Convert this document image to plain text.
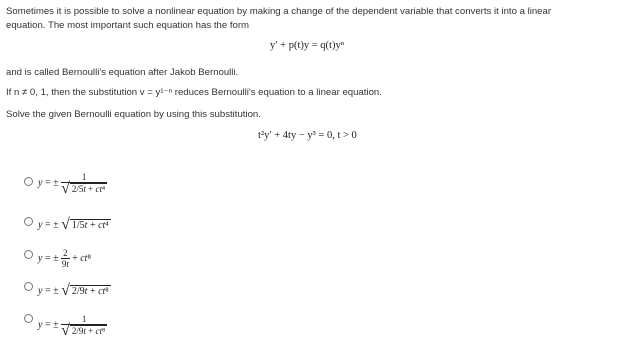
Sometimes it is possible to solve a nonlinear equation by making a change of the dependent variable that converts it into a linear
equation. The most important such equation has the form
y′ + p(t)y = q(t)yⁿ
and is called Bernoulli's equation after Jakob Bernoulli.
If n ≠ 0, 1, then the substitution v = y¹⁻ⁿ reduces Bernoulli's equation to a linear equation.
Solve the given Bernoulli equation by using this substitution.
t²y′ + 4ty − y³ = 0, t > 0
y = ± $\frac{1}{\text{√ 2/5t + ct⁴}}$
y = ± √ 1/5t + ct⁴
y = ± $\frac{2}{9t} + ct^8$
y = ± √ 2/9t + ct⁸
y = ± $\frac{1}{\text{√ 2/9t + ct⁸}}$
